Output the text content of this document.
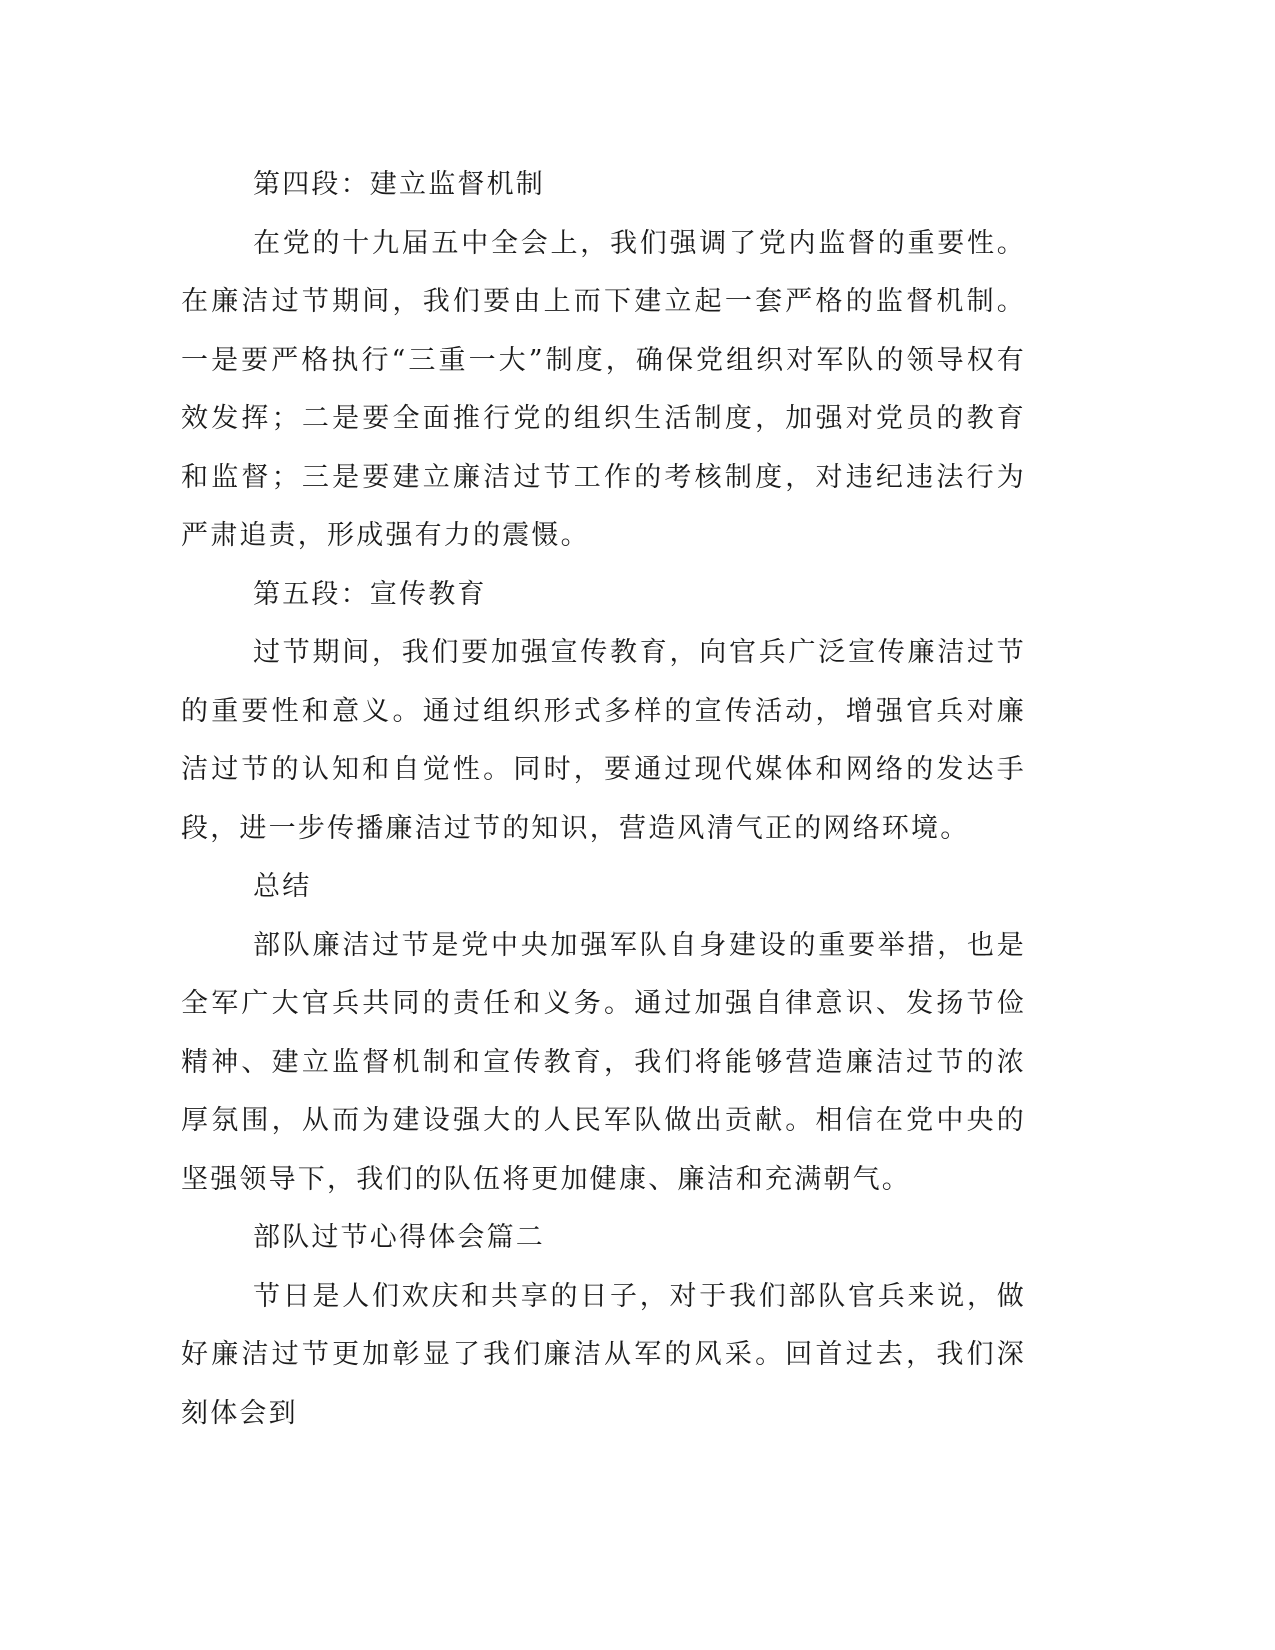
第四段：建立监督机制

在党的十九届五中全会上，我们强调了党内监督的重要性。在廉洁过节期间，我们要由上而下建立起一套严格的监督机制。一是要严格执行“三重一大”制度，确保党组织对军队的领导权有效发挥；二是要全面推行党的组织生活制度，加强对党员的教育和监督；三是要建立廉洁过节工作的考核制度，对违纪违法行为严肃追责，形成强有力的震慑。

第五段：宣传教育

过节期间，我们要加强宣传教育，向官兵广泛宣传廉洁过节的重要性和意义。通过组织形式多样的宣传活动，增强官兵对廉洁过节的认知和自觉性。同时，要通过现代媒体和网络的发达手段，进一步传播廉洁过节的知识，营造风清气正的网络环境。

总结

部队廉洁过节是党中央加强军队自身建设的重要举措，也是全军广大官兵共同的责任和义务。通过加强自律意识、发扬节俭精神、建立监督机制和宣传教育，我们将能够营造廉洁过节的浓厚氛围，从而为建设强大的人民军队做出贡献。相信在党中央的坚强领导下，我们的队伍将更加健康、廉洁和充满朝气。

部队过节心得体会篇二

节日是人们欢庆和共享的日子，对于我们部队官兵来说，做好廉洁过节更加彰显了我们廉洁从军的风采。回首过去，我们深刻体会到
